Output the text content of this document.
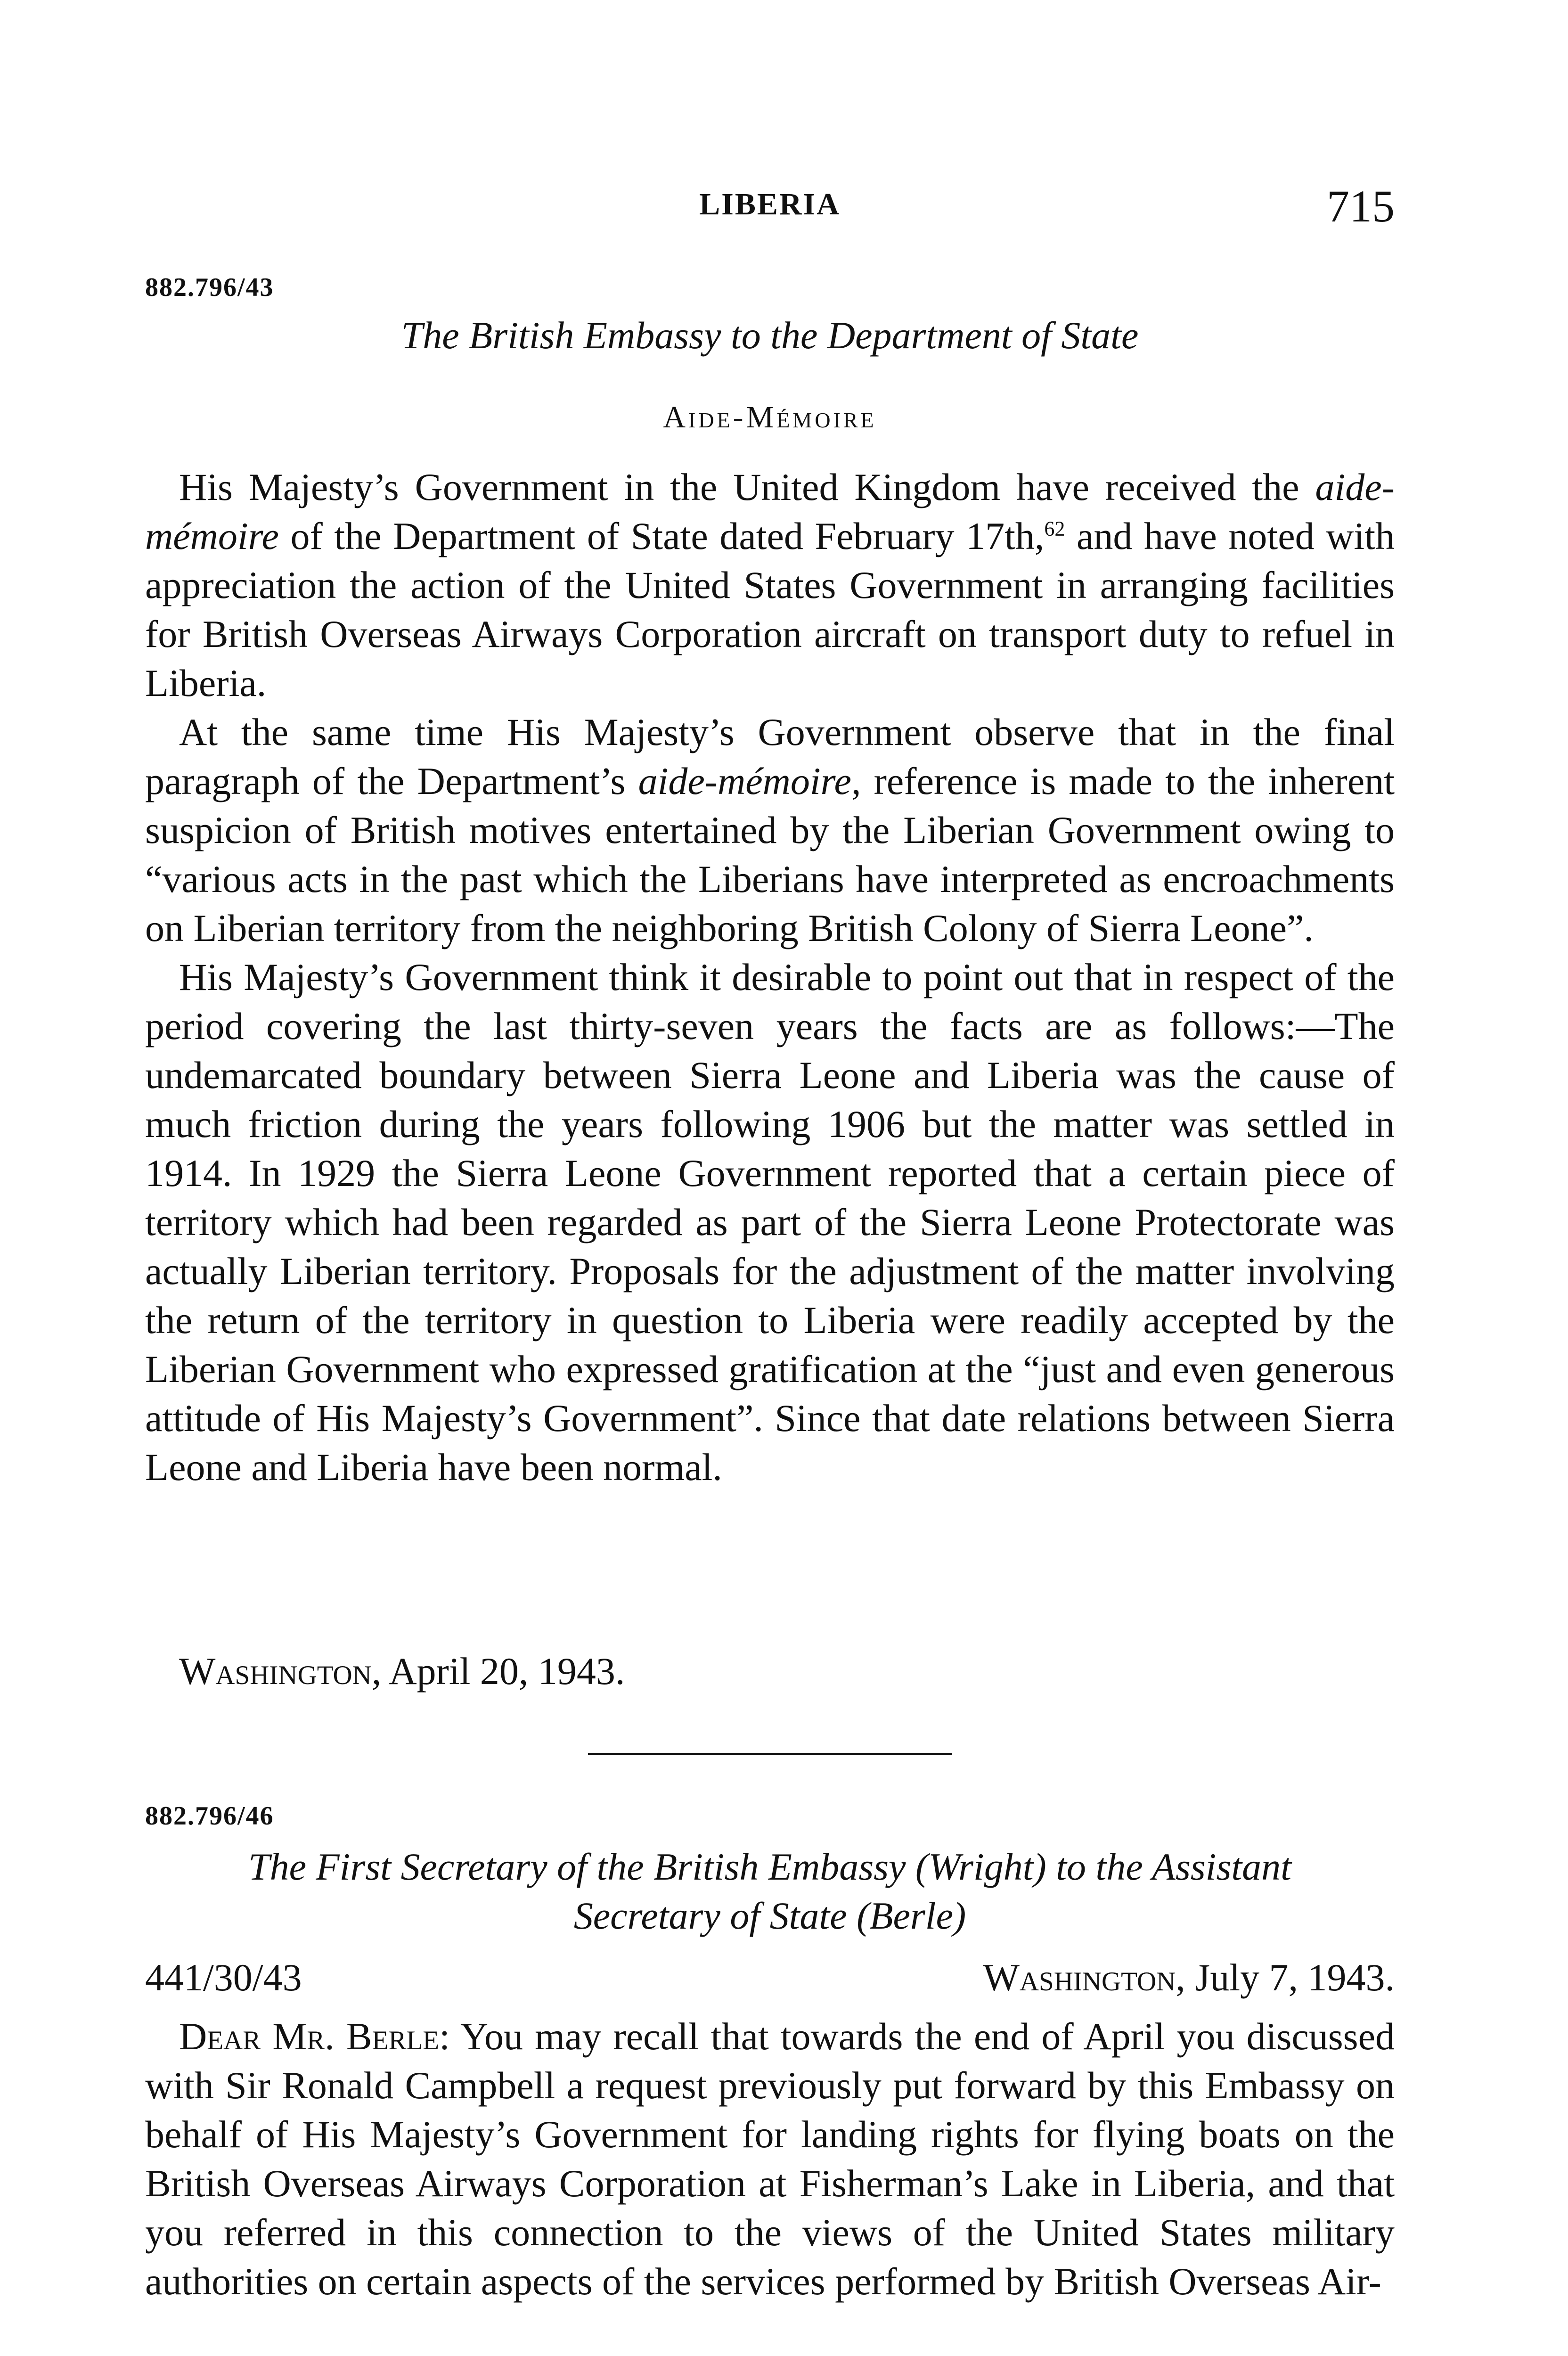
LIBERIA	715
882.796/43
The British Embassy to the Department of State
Aide-Mémoire

His Majesty’s Government in the United Kingdom have received the aide-mémoire of the Department of State dated February 17th,$^{62}$ and have noted with appreciation the action of the United States Government in arranging facilities for British Overseas Airways Corporation aircraft on transport duty to refuel in Liberia.

At the same time His Majesty’s Government observe that in the final paragraph of the Department’s aide-mémoire, reference is made to the inherent suspicion of British motives entertained by the Liberian Government owing to “various acts in the past which the Liberians have interpreted as encroachments on Liberian territory from the neighboring British Colony of Sierra Leone”.

His Majesty’s Government think it desirable to point out that in respect of the period covering the last thirty-seven years the facts are as follows:—The undemarcated boundary between Sierra Leone and Liberia was the cause of much friction during the years following 1906 but the matter was settled in 1914. In 1929 the Sierra Leone Government reported that a certain piece of territory which had been regarded as part of the Sierra Leone Protectorate was actually Liberian territory. Proposals for the adjustment of the matter involving the return of the territory in question to Liberia were readily accepted by the Liberian Government who expressed gratification at the “just and even generous attitude of His Majesty’s Government”. Since that date relations between Sierra Leone and Liberia have been normal.

Washington, April 20, 1943.
882.796/46
The First Secretary of the British Embassy (Wright) to the Assistant
Secretary of State (Berle)
441/30/43	Washington, July 7, 1943.

Dear Mr. Berle: You may recall that towards the end of April you discussed with Sir Ronald Campbell a request previously put forward by this Embassy on behalf of His Majesty’s Government for landing rights for flying boats on the British Overseas Airways Corporation at Fisherman’s Lake in Liberia, and that you referred in this connection to the views of the United States military authorities on certain aspects of the services performed by British Overseas Air-
